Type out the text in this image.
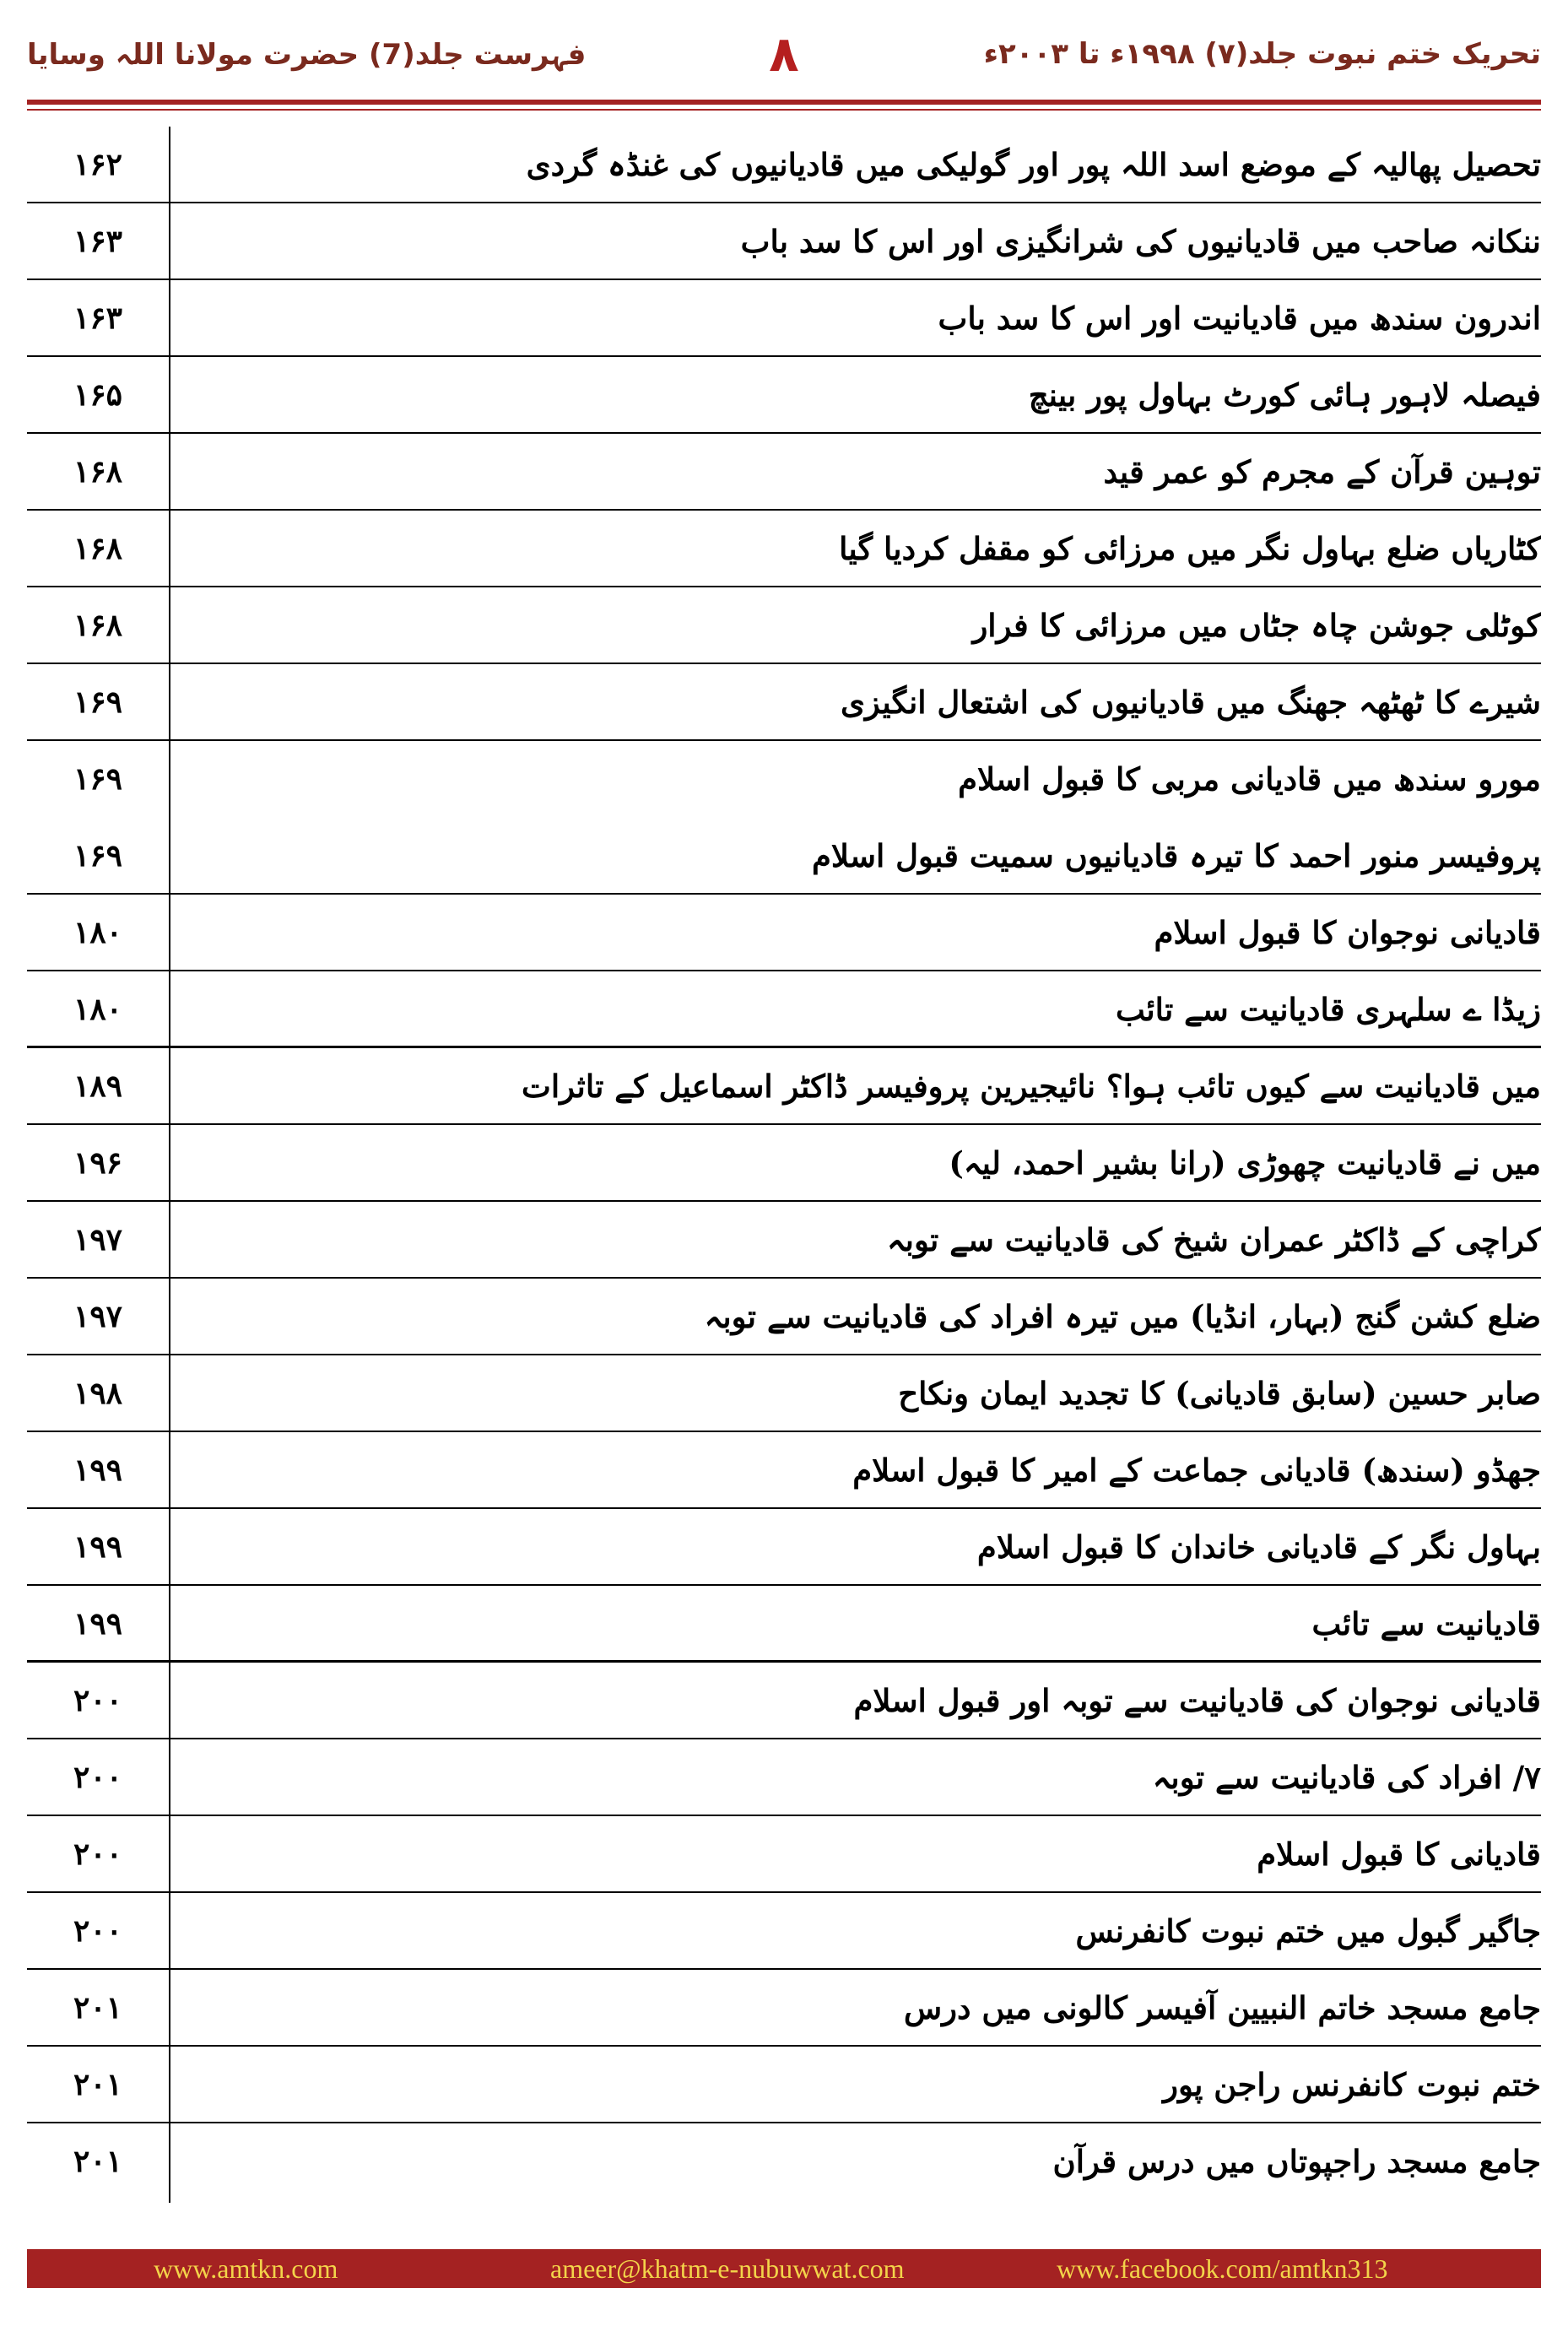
فہرست جلد(7) حضرت مولانا اللہ وسایا	۸	تحریک ختم نبوت جلد(۷) ۱۹۹۸ء تا ۲۰۰۳ء
۱۶۲	تحصیل پھالیہ کے موضع اسد اللہ پور اور گولیکی میں قادیانیوں کی غنڈہ گردی
۱۶۳	ننکانہ صاحب میں قادیانیوں کی شرانگیزی اور اس کا سد باب
۱۶۳	اندرون سندھ میں قادیانیت اور اس کا سد باب
۱۶۵	فیصلہ لاہور ہائی کورٹ بہاول پور بینچ
۱۶۸	توہین قرآن کے مجرم کو عمر قید
۱۶۸	کٹاریاں ضلع بہاول نگر میں مرزائی کو مقفل کردیا گیا
۱۶۸	کوٹلی جوشن چاہ جٹاں میں مرزائی کا فرار
۱۶۹	شیرے کا ٹھٹھہ جھنگ میں قادیانیوں کی اشتعال انگیزی
۱۶۹	مورو سندھ میں قادیانی مربی کا قبول اسلام
۱۶۹	پروفیسر منور احمد کا تیرہ قادیانیوں سمیت قبول اسلام
۱۸۰	قادیانی نوجوان کا قبول اسلام
۱۸۰	زیڈا ے سلہری قادیانیت سے تائب
۱۸۹	میں قادیانیت سے کیوں تائب ہوا؟ نائیجیرین پروفیسر ڈاکٹر اسماعیل کے تاثرات
۱۹۶	میں نے قادیانیت چھوڑی (رانا بشیر احمد، لیہ)
۱۹۷	کراچی کے ڈاکٹر عمران شیخ کی قادیانیت سے توبہ
۱۹۷	ضلع کشن گنج (بہار، انڈیا) میں تیرہ افراد کی قادیانیت سے توبہ
۱۹۸	صابر حسین (سابق قادیانی) کا تجدید ایمان ونکاح
۱۹۹	جھڈو (سندھ) قادیانی جماعت کے امیر کا قبول اسلام
۱۹۹	بہاول نگر کے قادیانی خاندان کا قبول اسلام
۱۹۹	قادیانیت سے تائب
۲۰۰	قادیانی نوجوان کی قادیانیت سے توبہ اور قبول اسلام
۲۰۰	۷/ افراد کی قادیانیت سے توبہ
۲۰۰	قادیانی کا قبول اسلام
۲۰۰	جاگیر گبول میں ختم نبوت کانفرنس
۲۰۱	جامع مسجد خاتم النبیین آفیسر کالونی میں درس
۲۰۱	ختم نبوت کانفرنس راجن پور
۲۰۱	جامع مسجد راجپوتاں میں درس قرآن
www.amtkn.com	ameer@khatm-e-nubuwwat.com	www.facebook.com/amtkn313
